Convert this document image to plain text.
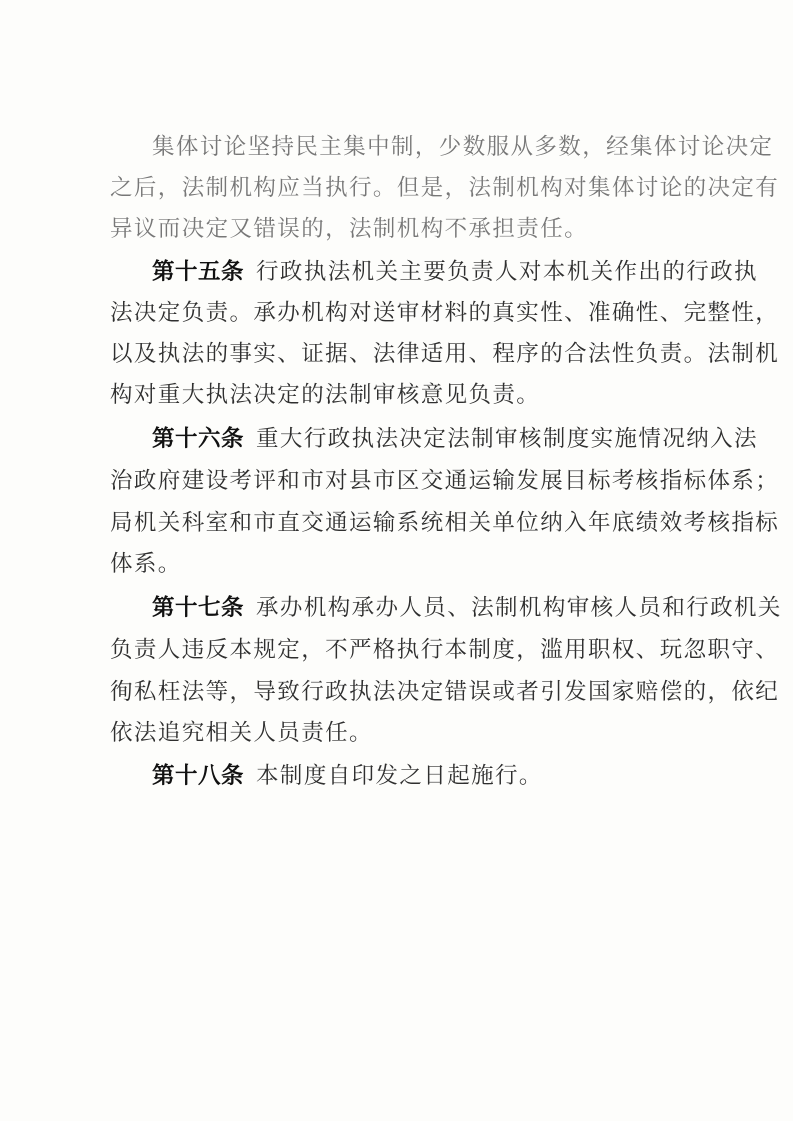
集体讨论坚持民主集中制，少数服从多数，经集体讨论决定
之后，法制机构应当执行。但是，法制机构对集体讨论的决定有
异议而决定又错误的，法制机构不承担责任。
第十五条 行政执法机关主要负责人对本机关作出的行政执
法决定负责。承办机构对送审材料的真实性、准确性、完整性，
以及执法的事实、证据、法律适用、程序的合法性负责。法制机
构对重大执法决定的法制审核意见负责。
第十六条 重大行政执法决定法制审核制度实施情况纳入法
治政府建设考评和市对县市区交通运输发展目标考核指标体系；
局机关科室和市直交通运输系统相关单位纳入年底绩效考核指标
体系。
第十七条 承办机构承办人员、法制机构审核人员和行政机关
负责人违反本规定，不严格执行本制度，滥用职权、玩忽职守、
徇私枉法等，导致行政执法决定错误或者引发国家赔偿的，依纪
依法追究相关人员责任。
第十八条 本制度自印发之日起施行。
